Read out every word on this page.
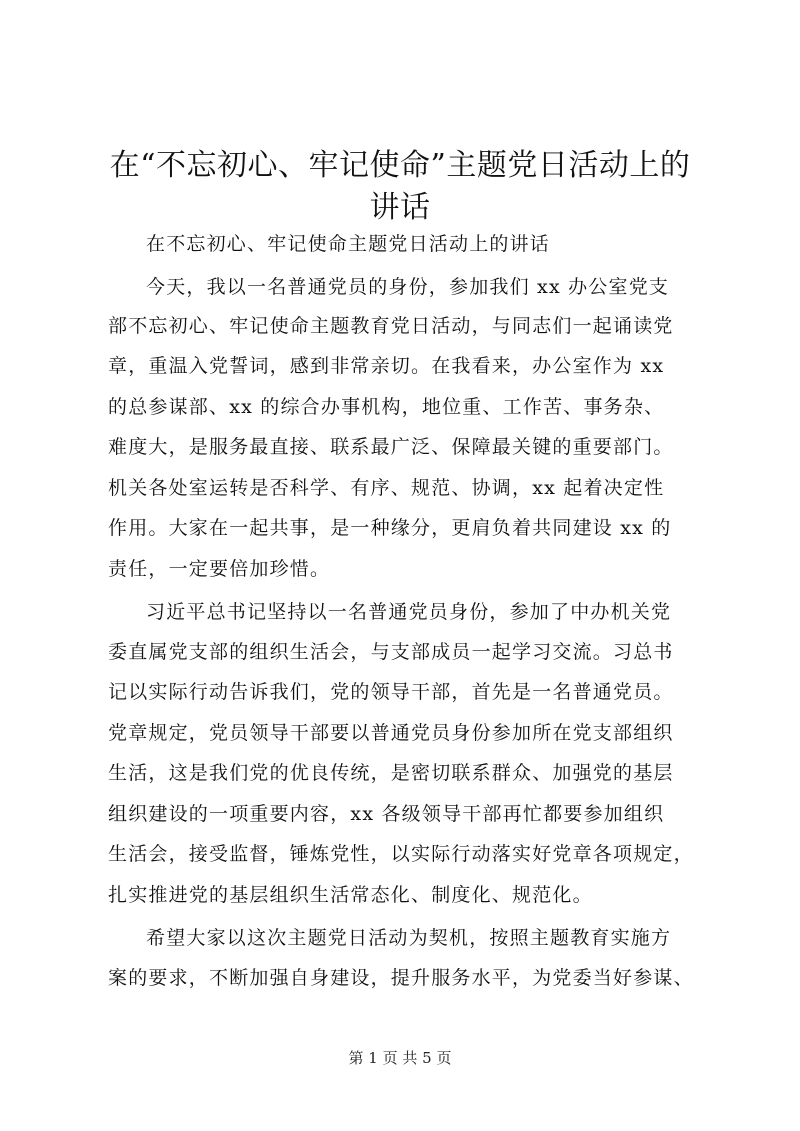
在“不忘初心、牢记使命”主题党日活动上的
讲话
在不忘初心、牢记使命主题党日活动上的讲话
今天，我以一名普通党员的身份，参加我们 xx 办公室党支
部不忘初心、牢记使命主题教育党日活动，与同志们一起诵读党
章，重温入党誓词，感到非常亲切。在我看来，办公室作为 xx
的总参谋部、xx 的综合办事机构，地位重、工作苦、事务杂、
难度大，是服务最直接、联系最广泛、保障最关键的重要部门。
机关各处室运转是否科学、有序、规范、协调，xx 起着决定性
作用。大家在一起共事，是一种缘分，更肩负着共同建设 xx 的
责任，一定要倍加珍惜。
习近平总书记坚持以一名普通党员身份，参加了中办机关党
委直属党支部的组织生活会，与支部成员一起学习交流。习总书
记以实际行动告诉我们，党的领导干部，首先是一名普通党员。
党章规定，党员领导干部要以普通党员身份参加所在党支部组织
生活，这是我们党的优良传统，是密切联系群众、加强党的基层
组织建设的一项重要内容，xx 各级领导干部再忙都要参加组织
生活会，接受监督，锤炼党性，以实际行动落实好党章各项规定，
扎实推进党的基层组织生活常态化、制度化、规范化。
希望大家以这次主题党日活动为契机，按照主题教育实施方
案的要求，不断加强自身建设，提升服务水平，为党委当好参谋、
第 1 页 共 5 页
